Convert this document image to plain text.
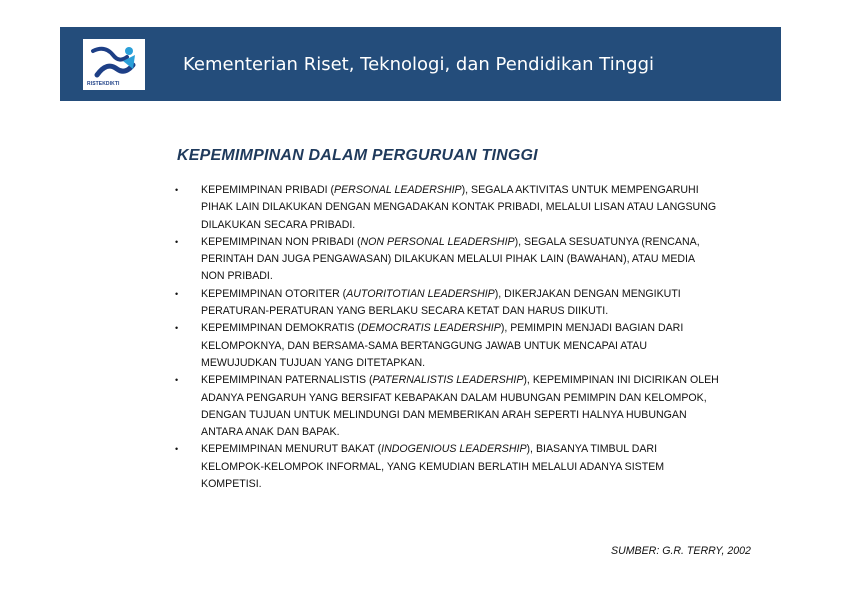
RISTEKDIKTI
Kementerian Riset, Teknologi, dan Pendidikan Tinggi
KEPEMIMPINAN DALAM PERGURUAN TINGGI
• KEPEMIMPINAN PRIBADI (PERSONAL LEADERSHIP), SEGALA AKTIVITAS UNTUK MEMPENGARUHI PIHAK LAIN DILAKUKAN DENGAN MENGADAKAN KONTAK PRIBADI, MELALUI LISAN ATAU LANGSUNG DILAKUKAN SECARA PRIBADI.
• KEPEMIMPINAN NON PRIBADI (NON PERSONAL LEADERSHIP), SEGALA SESUATUNYA (RENCANA, PERINTAH DAN JUGA PENGAWASAN) DILAKUKAN MELALUI PIHAK LAIN (BAWAHAN), ATAU MEDIA NON PRIBADI.
• KEPEMIMPINAN OTORITER (AUTORITOTIAN LEADERSHIP), DIKERJAKAN DENGAN MENGIKUTI PERATURAN-PERATURAN YANG BERLAKU SECARA KETAT DAN HARUS DIIKUTI.
• KEPEMIMPINAN DEMOKRATIS (DEMOCRATIS LEADERSHIP), PEMIMPIN MENJADI BAGIAN DARI KELOMPOKNYA, DAN BERSAMA-SAMA BERTANGGUNG JAWAB UNTUK MENCAPAI ATAU MEWUJUDKAN TUJUAN YANG DITETAPKAN.
• KEPEMIMPINAN PATERNALISTIS (PATERNALISTIS LEADERSHIP), KEPEMIMPINAN INI DICIRIKAN OLEH ADANYA PENGARUH YANG BERSIFAT KEBAPAKAN DALAM HUBUNGAN PEMIMPIN DAN KELOMPOK, DENGAN TUJUAN UNTUK MELINDUNGI DAN MEMBERIKAN ARAH SEPERTI HALNYA HUBUNGAN ANTARA ANAK DAN BAPAK.
• KEPEMIMPINAN MENURUT BAKAT (INDOGENIOUS LEADERSHIP), BIASANYA TIMBUL DARI KELOMPOK-KELOMPOK INFORMAL, YANG KEMUDIAN BERLATIH MELALUI ADANYA SISTEM KOMPETISI.
SUMBER: G.R. TERRY, 2002
